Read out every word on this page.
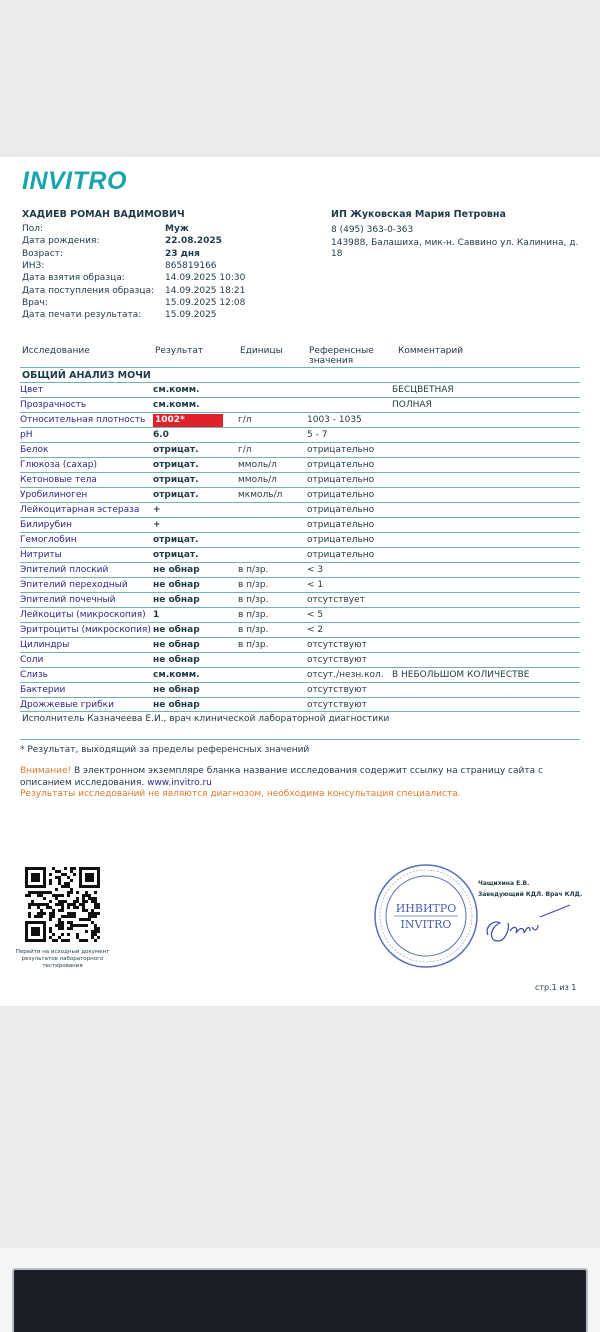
INVITRO
ХАДИЕВ РОМАН ВАДИМОВИЧ
Пол:	Муж
Дата рождения:	22.08.2025
Возраст:	23 дня
ИНЗ:	865819166
Дата взятия образца:	14.09.2025 10:30
Дата поступления образца: 14.09.2025 18:21
Врач:	15.09.2025 12:08
Дата печати результата:	15.09.2025
ИП Жуковская Мария Петровна
8 (495) 363-0-363
143988, Балашиха, мик-н. Саввино ул. Калинина, д. 18
Исследование	Результат	Единицы	Референсные значения
Комментарий
ОБЩИЙ АНАЛИЗ МОЧИ
Цвет	см.комм.	БЕСЦВЕТНАЯ
Прозрачность	см.комм.	ПОЛНАЯ
Относительная плотность 1002*	г/л	1003 - 1035
pH	6.0	5 - 7
Белок	отрицат.	г/л	отрицательно
Глюкоза (сахар)	отрицат.	ммоль/л	отрицательно
Кетоновые тела	отрицат.	ммоль/л	отрицательно
Уробилиноген	отрицат.	мкмоль/л	отрицательно
Лейкоцитарная эстераза +	отрицательно
Билирубин	+	отрицательно
Гемоглобин	отрицат.	отрицательно
Нитриты	отрицат.	отрицательно
Эпителий плоский	не обнар	в п/зр.	< 3
Эпителий переходный	не обнар	в п/зр.	< 1
Эпителий почечный	не обнар	в п/зр.	отсутствует
Лейкоциты (микроскопия) 1	в п/зр.	< 5
Эритроциты (микроскопия) не обнар	в п/зр.	< 2
Цилиндры	не обнар	в п/зр.	отсутствуют
Соли	не обнар	отсутствуют
Слизь	см.комм.	отсут./незн.кол. В НЕБОЛЬШОМ КОЛИЧЕСТВЕ
Бактерии	не обнар	отсутствуют
Дрожжевые грибки	не обнар	отсутствуют
Исполнитель Казначеева Е.И., врач клинической лабораторной диагностики
* Результат, выходящий за пределы референсных значений
Внимание! В электронном экземпляре бланка название исследования содержит ссылку на страницу сайта с описанием исследования. www.invitro.ru
Результаты исследований не являются диагнозом, необходима консультация специалиста.
Перейти на исходный документ результатов лабораторного тестирования
ИНВИТРО
INVITRO
Чащихина Е.В.
Заведующий КДЛ. Врач КЛД.
стр.1 из 1
